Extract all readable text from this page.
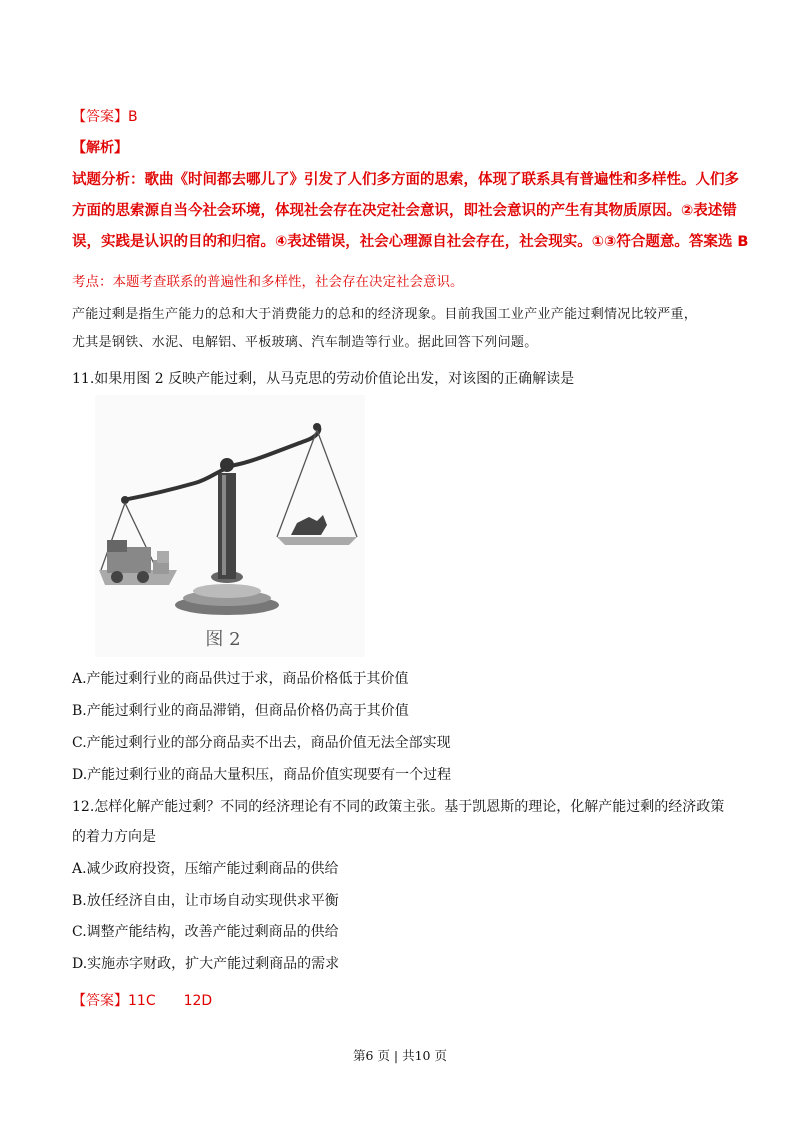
【答案】B
【解析】
试题分析：歌曲《时间都去哪儿了》引发了人们多方面的思索，体现了联系具有普遍性和多样性。人们多
方面的思索源自当今社会环境，体现社会存在决定社会意识，即社会意识的产生有其物质原因。②表述错
误，实践是认识的目的和归宿。④表述错误，社会心理源自社会存在，社会现实。①③符合题意。答案选 B
考点：本题考查联系的普遍性和多样性，社会存在决定社会意识。
产能过剩是指生产能力的总和大于消费能力的总和的经济现象。目前我国工业产业产能过剩情况比较严重，
尤其是钢铁、水泥、电解铝、平板玻璃、汽车制造等行业。据此回答下列问题。
11.如果用图 2 反映产能过剩，从马克思的劳动价值论出发，对该图的正确解读是
图 2
A.产能过剩行业的商品供过于求，商品价格低于其价值
B.产能过剩行业的商品滞销，但商品价格仍高于其价值
C.产能过剩行业的部分商品卖不出去，商品价值无法全部实现
D.产能过剩行业的商品大量积压，商品价值实现要有一个过程
12.怎样化解产能过剩？不同的经济理论有不同的政策主张。基于凯恩斯的理论，化解产能过剩的经济政策
的着力方向是
A.减少政府投资，压缩产能过剩商品的供给
B.放任经济自由，让市场自动实现供求平衡
C.调整产能结构，改善产能过剩商品的供给
D.实施赤字财政，扩大产能过剩商品的需求
【答案】11C　　12D
第6 页 | 共10 页
